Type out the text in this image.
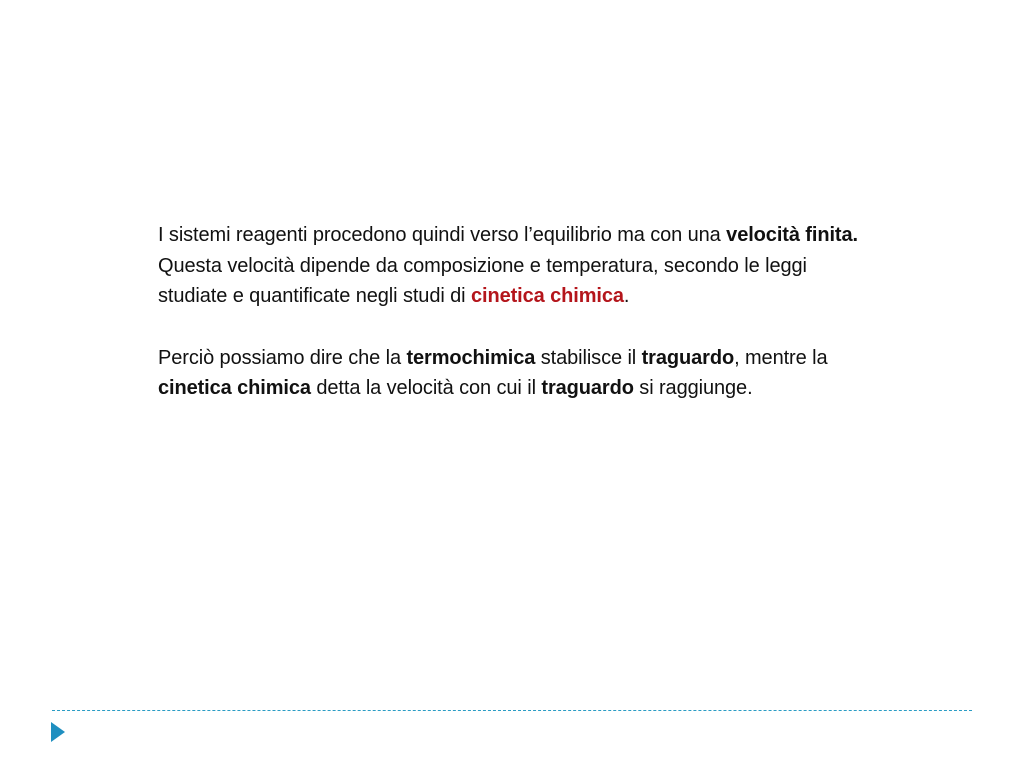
I sistemi reagenti procedono quindi verso l’equilibrio ma con una velocità finita. Questa velocità dipende da composizione e temperatura, secondo le leggi studiate e quantificate negli studi di cinetica chimica.

Perciò possiamo dire che la termochimica stabilisce il traguardo, mentre la cinetica chimica detta la velocità con cui il traguardo si raggiunge.
